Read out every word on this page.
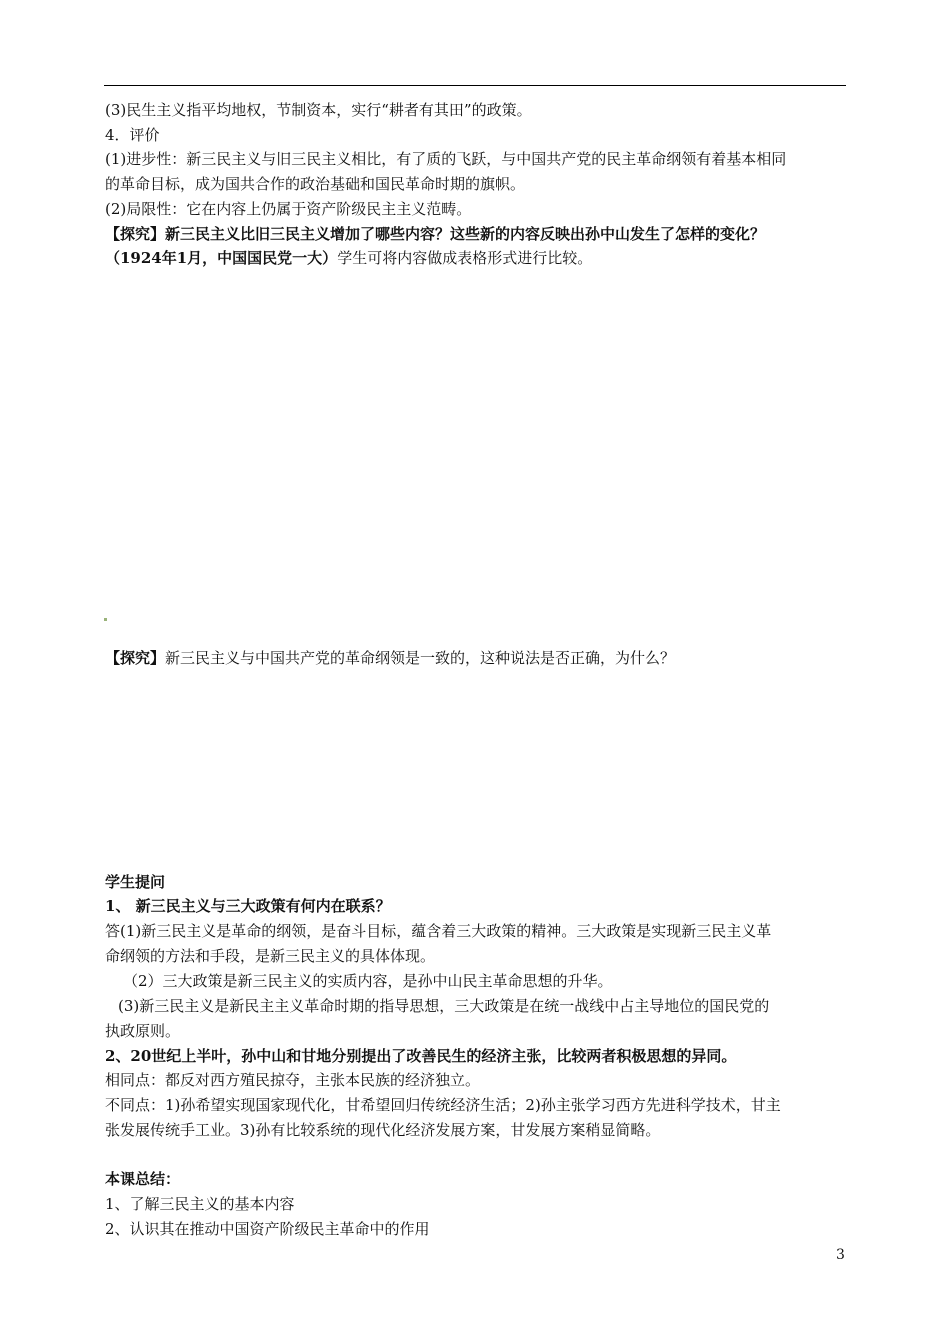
(3)民生主义指平均地权，节制资本，实行“耕者有其田”的政策。
4．评价
(1)进步性：新三民主义与旧三民主义相比，有了质的飞跃，与中国共产党的民主革命纲领有着基本相同
的革命目标，成为国共合作的政治基础和国民革命时期的旗帜。
(2)局限性：它在内容上仍属于资产阶级民主主义范畴。
【探究】新三民主义比旧三民主义增加了哪些内容？这些新的内容反映出孙中山发生了怎样的变化？
（1924年1月，中国国民党一大）学生可将内容做成表格形式进行比较。
【探究】新三民主义与中国共产党的革命纲领是一致的，这种说法是否正确，为什么？
学生提问
1、 新三民主义与三大政策有何内在联系？
答(1)新三民主义是革命的纲领，是奋斗目标，蕴含着三大政策的精神。三大政策是实现新三民主义革
命纲领的方法和手段，是新三民主义的具体体现。
（2）三大政策是新三民主义的实质内容，是孙中山民主革命思想的升华。
(3)新三民主义是新民主主义革命时期的指导思想，三大政策是在统一战线中占主导地位的国民党的
执政原则。
2、20世纪上半叶，孙中山和甘地分别提出了改善民生的经济主张，比较两者积极思想的异同。
相同点：都反对西方殖民掠夺，主张本民族的经济独立。
不同点：1)孙希望实现国家现代化，甘希望回归传统经济生活；2)孙主张学习西方先进科学技术，甘主
张发展传统手工业。3)孙有比较系统的现代化经济发展方案，甘发展方案稍显简略。
本课总结：
1、了解三民主义的基本内容
2、认识其在推动中国资产阶级民主革命中的作用
3
